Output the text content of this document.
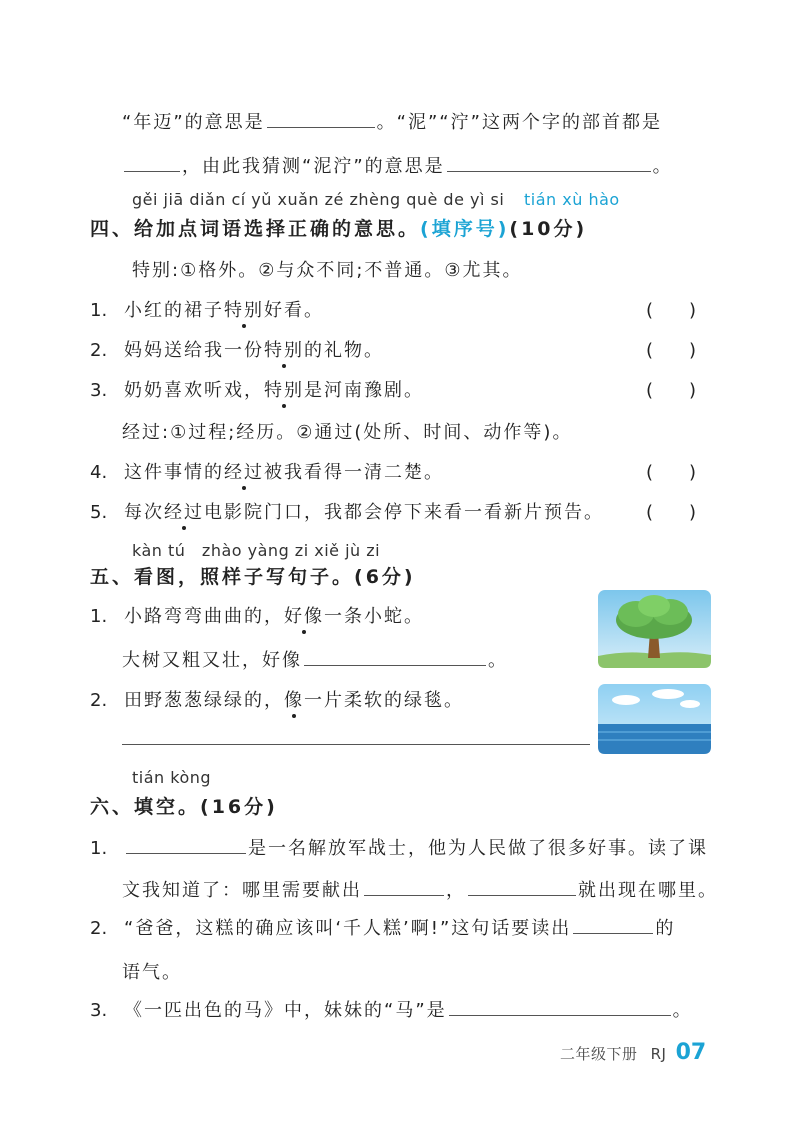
“年迈”的意思是	。“泥”“泞”这两个字的部首都是
，由此我猜测“泥泞”的意思是	。
gěi jiā diǎn cí yǔ xuǎn zé zhèng què de yì si tián xù hào
四、给加点词语选择正确的意思。(填序号)(10分)
特别:①格外。②与众不同;不普通。③尤其。
1. 小红的裙子特别好看。	(　　)
2. 妈妈送给我一份特别的礼物。	(　　)
3. 奶奶喜欢听戏，特别是河南豫剧。	(　　)
经过:①过程;经历。②通过(处所、时间、动作等)。
4. 这件事情的经过被我看得一清二楚。	(　　)
5. 每次经过电影院门口，我都会停下来看一看新片预告。 (　　)
kàn tú　zhào yàng zi xiě jù zi
五、看图，照样子写句子。(6分)
1. 小路弯弯曲曲的，好像一条小蛇。
大树又粗又壮，好像	。
2. 田野葱葱绿绿的，像一片柔软的绿毯。
tián kòng
六、填空。(16分)
1.	是一名解放军战士，他为人民做了很多好事。读了课
文我知道了：哪里需要献出	，	就出现在哪里。
2. “爸爸，这糕的确应该叫‘千人糕’啊!”这句话要读出	的
语气。
3. 《一匹出色的马》中，妹妹的“马”是	。
二年级下册 RJ 07
